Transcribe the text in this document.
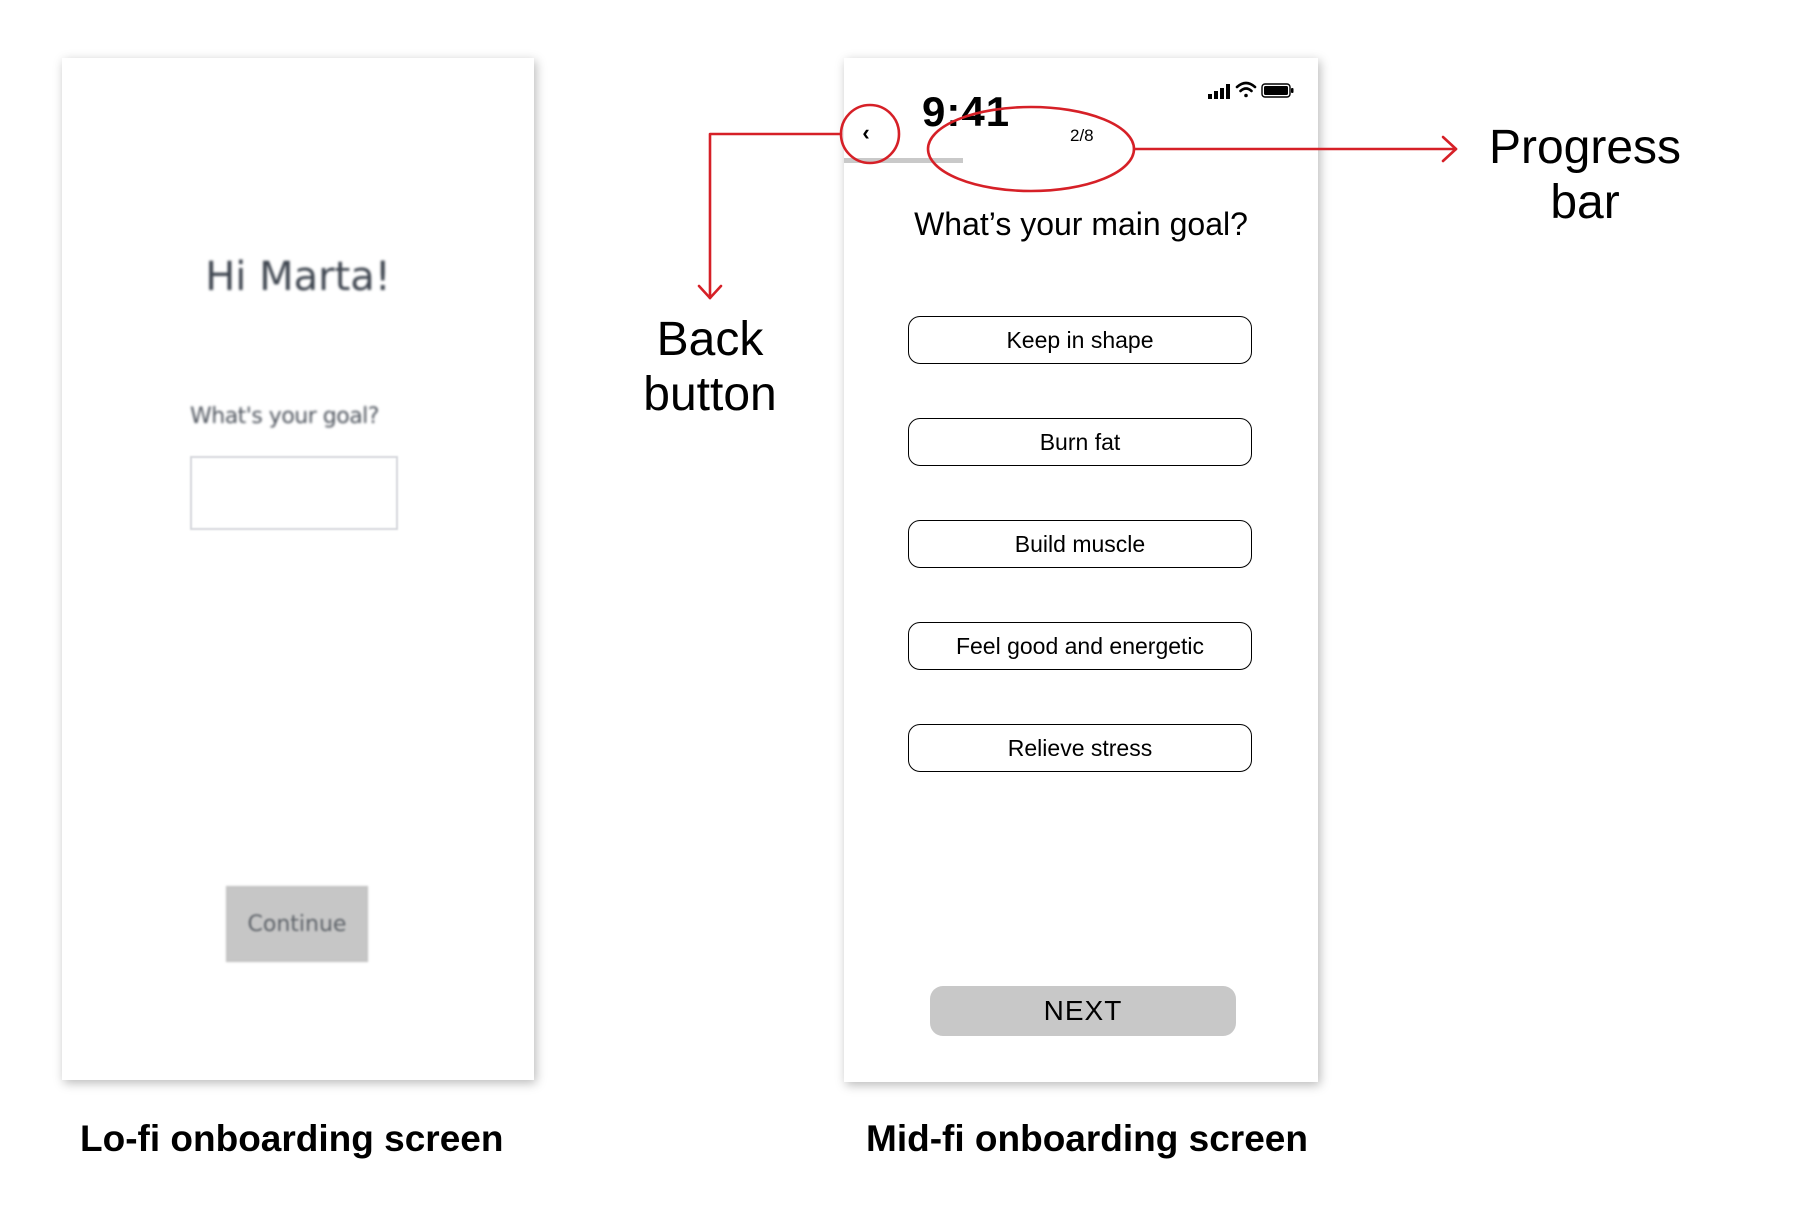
Hi Marta!
What's your goal?
Continue
Lo-fi onboarding screen
9:41
‹	2/8
What’s your main goal?
Keep in shape
Burn fat
Build muscle
Feel good and energetic
Relieve stress
NEXT
Mid-fi onboarding screen
Back
button
Progress
bar
